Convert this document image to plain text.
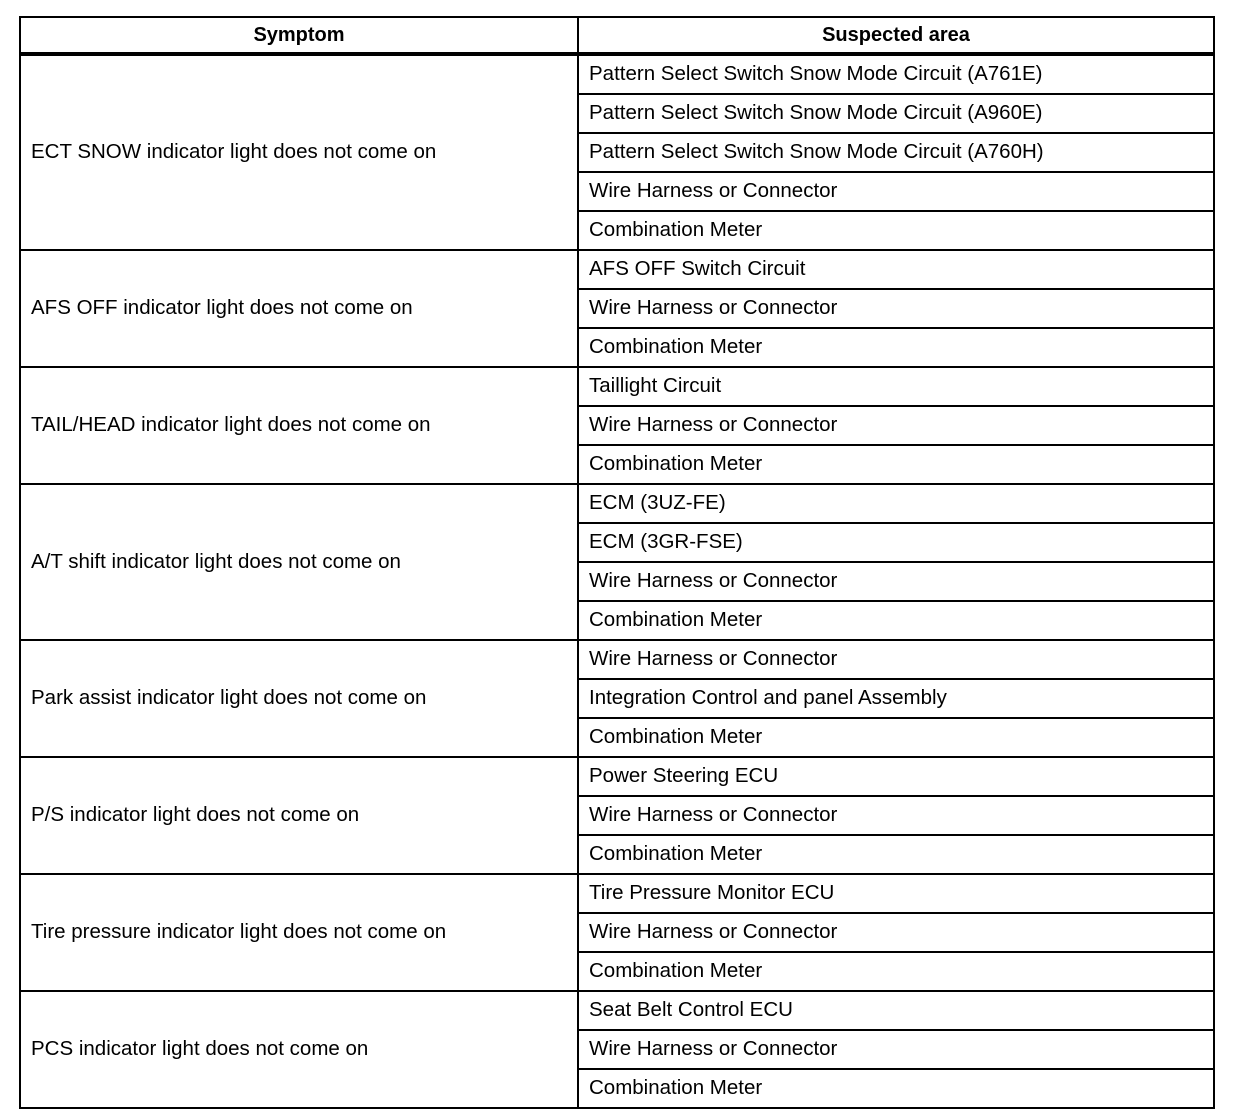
Symptom	Suspected area
ECT SNOW indicator light does not come on	Pattern Select Switch Snow Mode Circuit (A761E)
	Pattern Select Switch Snow Mode Circuit (A960E)
	Pattern Select Switch Snow Mode Circuit (A760H)
	Wire Harness or Connector
	Combination Meter
AFS OFF indicator light does not come on	AFS OFF Switch Circuit
	Wire Harness or Connector
	Combination Meter
TAIL/HEAD indicator light does not come on	Taillight Circuit
	Wire Harness or Connector
	Combination Meter
A/T shift indicator light does not come on	ECM (3UZ-FE)
	ECM (3GR-FSE)
	Wire Harness or Connector
	Combination Meter
Park assist indicator light does not come on	Wire Harness or Connector
	Integration Control and panel Assembly
	Combination Meter
P/S indicator light does not come on	Power Steering ECU
	Wire Harness or Connector
	Combination Meter
Tire pressure indicator light does not come on	Tire Pressure Monitor ECU
	Wire Harness or Connector
	Combination Meter
PCS indicator light does not come on	Seat Belt Control ECU
	Wire Harness or Connector
	Combination Meter
